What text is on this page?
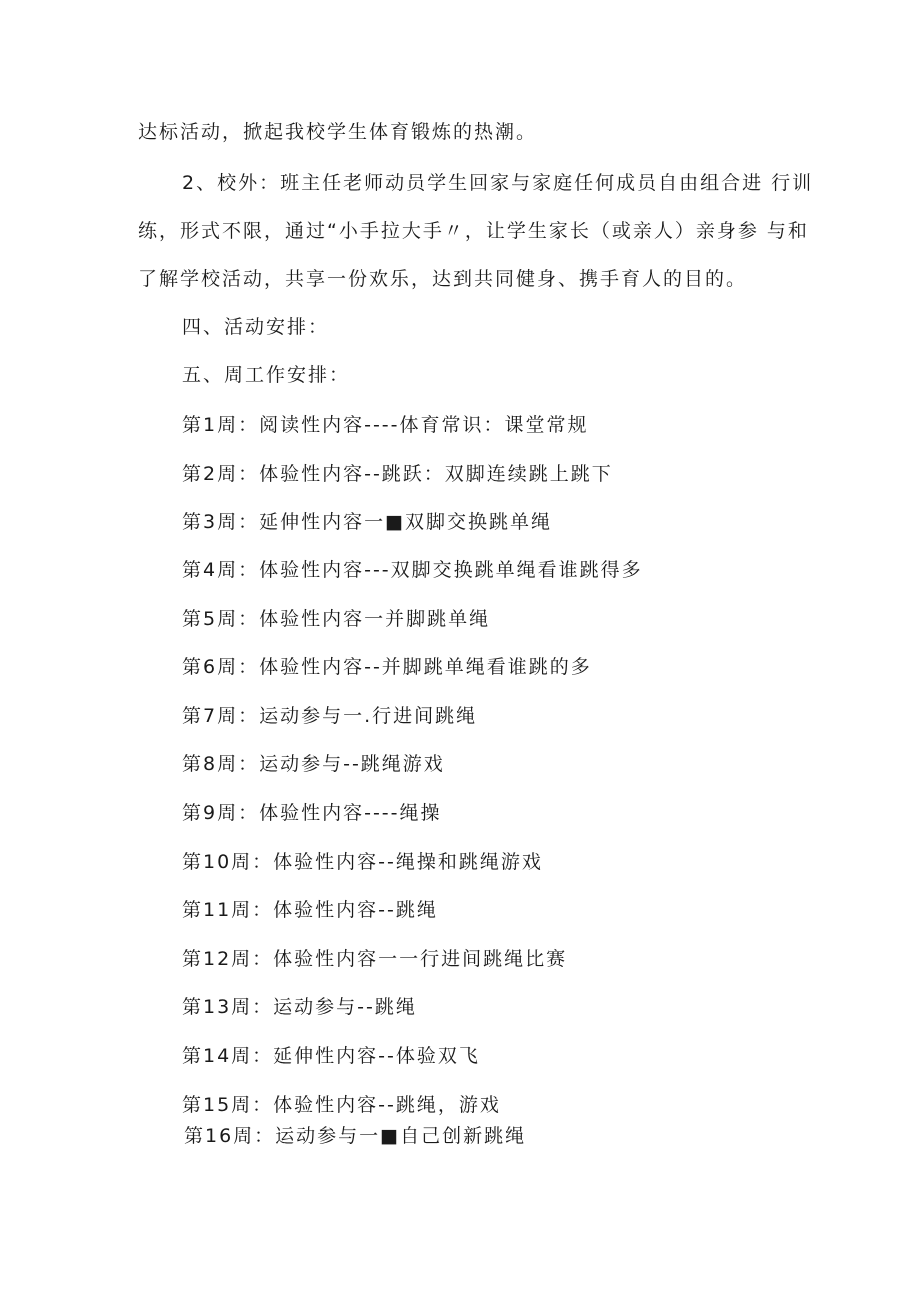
达标活动，掀起我校学生体育锻炼的热潮。
2、校外：班主任老师动员学生回家与家庭任何成员自由组合进 行训
练，形式不限，通过“小手拉大手〃，让学生家长（或亲人）亲身参 与和
了解学校活动，共享一份欢乐，达到共同健身、携手育人的目的。
四、活动安排：
五、周工作安排：
第1周：阅读性内容----体育常识：课堂常规
第2周：体验性内容--跳跃：双脚连续跳上跳下
第3周：延伸性内容一■双脚交换跳单绳
第4周：体验性内容---双脚交换跳单绳看谁跳得多
第5周：体验性内容一并脚跳单绳
第6周：体验性内容--并脚跳单绳看谁跳的多
第7周：运动参与一.行进间跳绳
第8周：运动参与--跳绳游戏
第9周：体验性内容----绳操
第10周：体验性内容--绳操和跳绳游戏
第11周：体验性内容--跳绳
第12周：体验性内容一一行进间跳绳比赛
第13周：运动参与--跳绳
第14周：延伸性内容--体验双飞
第15周：体验性内容--跳绳，游戏
第16周：运动参与一■自己创新跳绳
